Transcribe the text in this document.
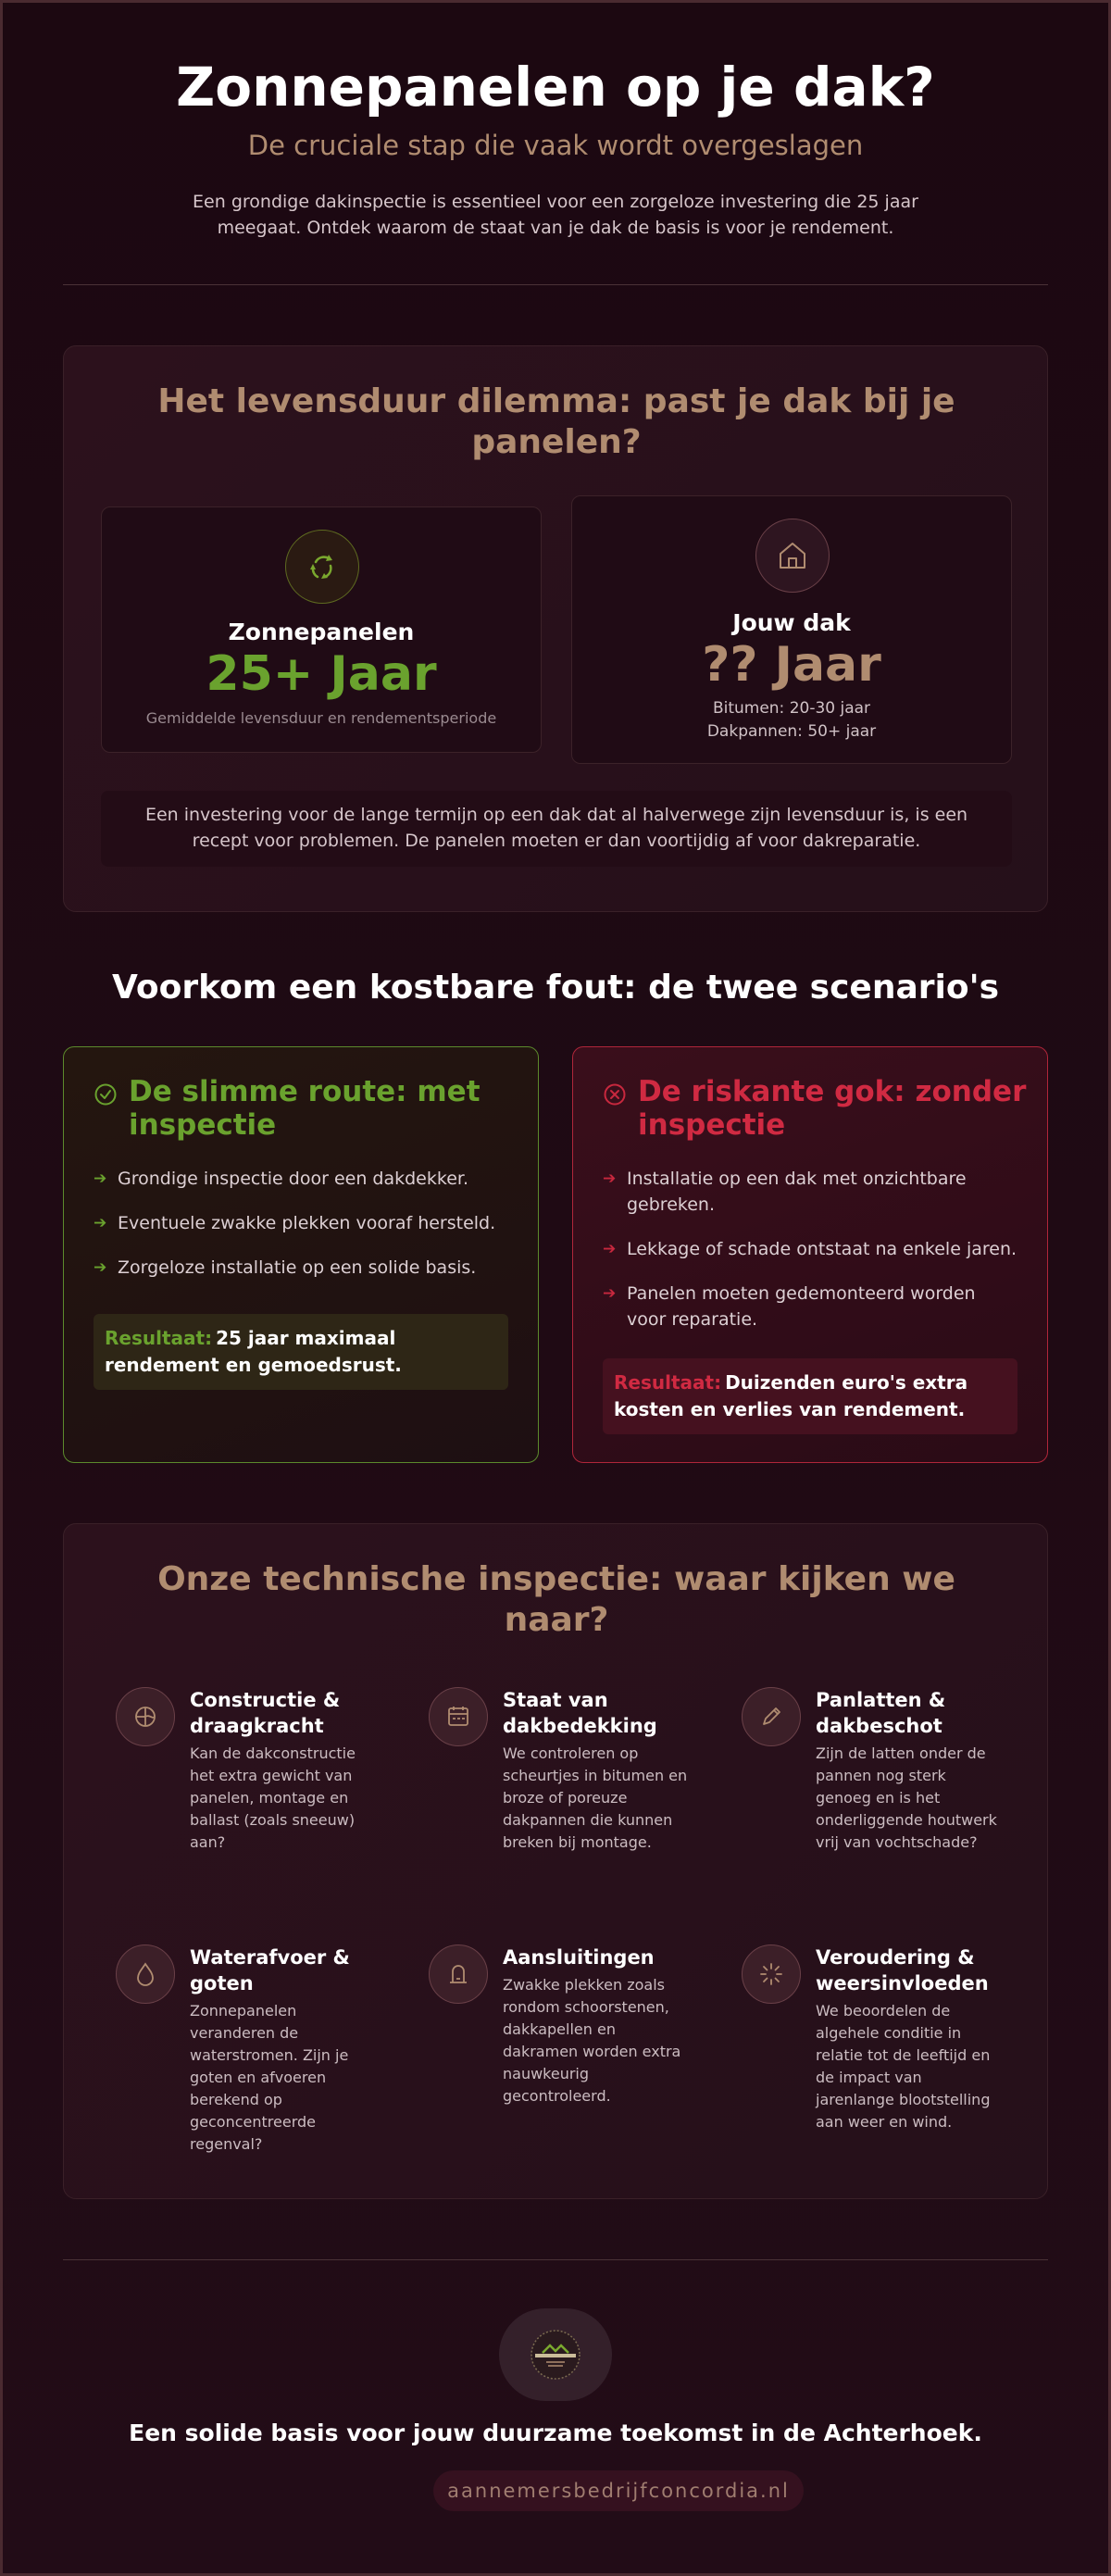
Zonnepanelen op je dak?
De cruciale stap die vaak wordt overgeslagen
Een grondige dakinspectie is essentieel voor een zorgeloze investering die 25 jaar meegaat. Ontdek waarom de staat van je dak de basis is voor je rendement.
Het levensduur dilemma: past je dak bij je panelen?
Zonnepanelen
25+ Jaar
Gemiddelde levensduur en rendementsperiode
Jouw dak
?? Jaar
Bitumen: 20-30 jaar
Dakpannen: 50+ jaar
Een investering voor de lange termijn op een dak dat al halverwege zijn levensduur is, is een recept voor problemen. De panelen moeten er dan voortijdig af voor dakreparatie.
Voorkom een kostbare fout: de twee scenario's
De slimme route: met inspectie
➔ Grondige inspectie door een dakdekker.
➔ Eventuele zwakke plekken vooraf hersteld.
➔ Zorgeloze installatie op een solide basis.
Resultaat: 25 jaar maximaal rendement en gemoedsrust.
De riskante gok: zonder inspectie
➔ Installatie op een dak met onzichtbare gebreken.
➔ Lekkage of schade ontstaat na enkele jaren.
➔ Panelen moeten gedemonteerd worden voor reparatie.
Resultaat: Duizenden euro's extra kosten en verlies van rendement.
Onze technische inspectie: waar kijken we naar?
Constructie & draagkracht
Kan de dakconstructie het extra gewicht van panelen, montage en ballast (zoals sneeuw) aan?
Staat van dakbedekking
We controleren op scheurtjes in bitumen en broze of poreuze dakpannen die kunnen breken bij montage.
Panlatten & dakbeschot
Zijn de latten onder de pannen nog sterk genoeg en is het onderliggende houtwerk vrij van vochtschade?
Waterafvoer & goten
Zonnepanelen veranderen de waterstromen. Zijn je goten en afvoeren berekend op geconcentreerde regenval?
Aansluitingen
Zwakke plekken zoals rondom schoorstenen, dakkapellen en dakramen worden extra nauwkeurig gecontroleerd.
Veroudering & weersinvloeden
We beoordelen de algehele conditie in relatie tot de leeftijd en de impact van jarenlange blootstelling aan weer en wind.
Een solide basis voor jouw duurzame toekomst in de Achterhoek.
aannemersbedrijfconcordia.nl
